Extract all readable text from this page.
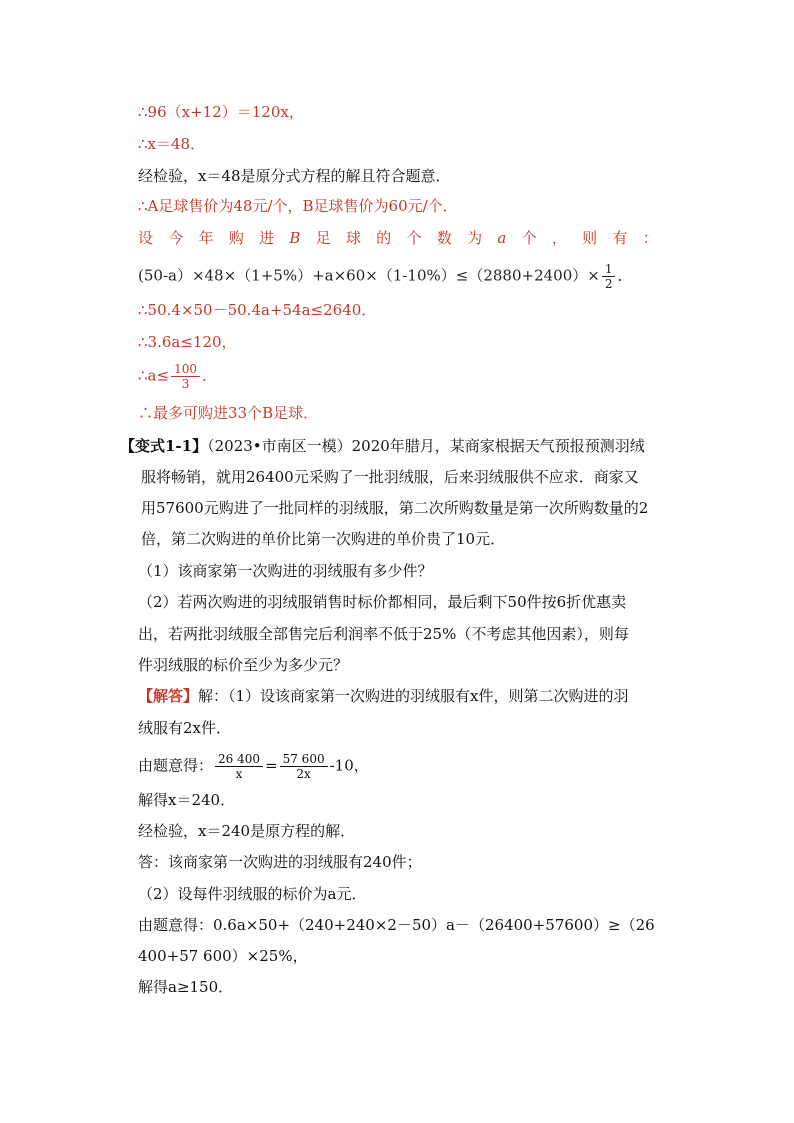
∴96（x+12）＝120x，
∴x＝48．
经检验，x＝48是原分式方程的解且符合题意．
∴A足球售价为48元/个，B足球售价为60元/个．
设 今 年 购 进 B 足 球 的 个 数 为 a 个 ， 则 有 ：
$(50-a)\times 48\times(1+5\%)+a\times 60\times(1-10\%)\le(2880+2400)\times \frac{1}{2}$ ．
∴50.4×50－50.4a+54a≤2640．
∴3.6a≤120，
∴a≤ $\frac{100}{3}$ ．
∴最多可购进33个B足球．
【变式1-1】（2023•市南区一模）2020年腊月，某商家根据天气预报预测羽绒
服将畅销，就用26400元采购了一批羽绒服，后来羽绒服供不应求．商家又
用57600元购进了一批同样的羽绒服，第二次所购数量是第一次所购数量的2
倍，第二次购进的单价比第一次购进的单价贵了10元．
（1）该商家第一次购进的羽绒服有多少件？
（2）若两次购进的羽绒服销售时标价都相同，最后剩下50件按6折优惠卖
出，若两批羽绒服全部售完后利润率不低于25%（不考虑其他因素），则每
件羽绒服的标价至少为多少元？
【解答】解：（1）设该商家第一次购进的羽绒服有x件，则第二次购进的羽
绒服有2x件．
由题意得： $\frac{26 400}{x} = \frac{57 600}{2x} -10$，
解得x＝240．
经检验，x＝240是原方程的解．
答：该商家第一次购进的羽绒服有240件；
（2）设每件羽绒服的标价为a元．
由题意得：0.6a×50+（240+240×2－50）a－（26400+57600）≥（26
400+57 600）×25%，
解得a≥150．
